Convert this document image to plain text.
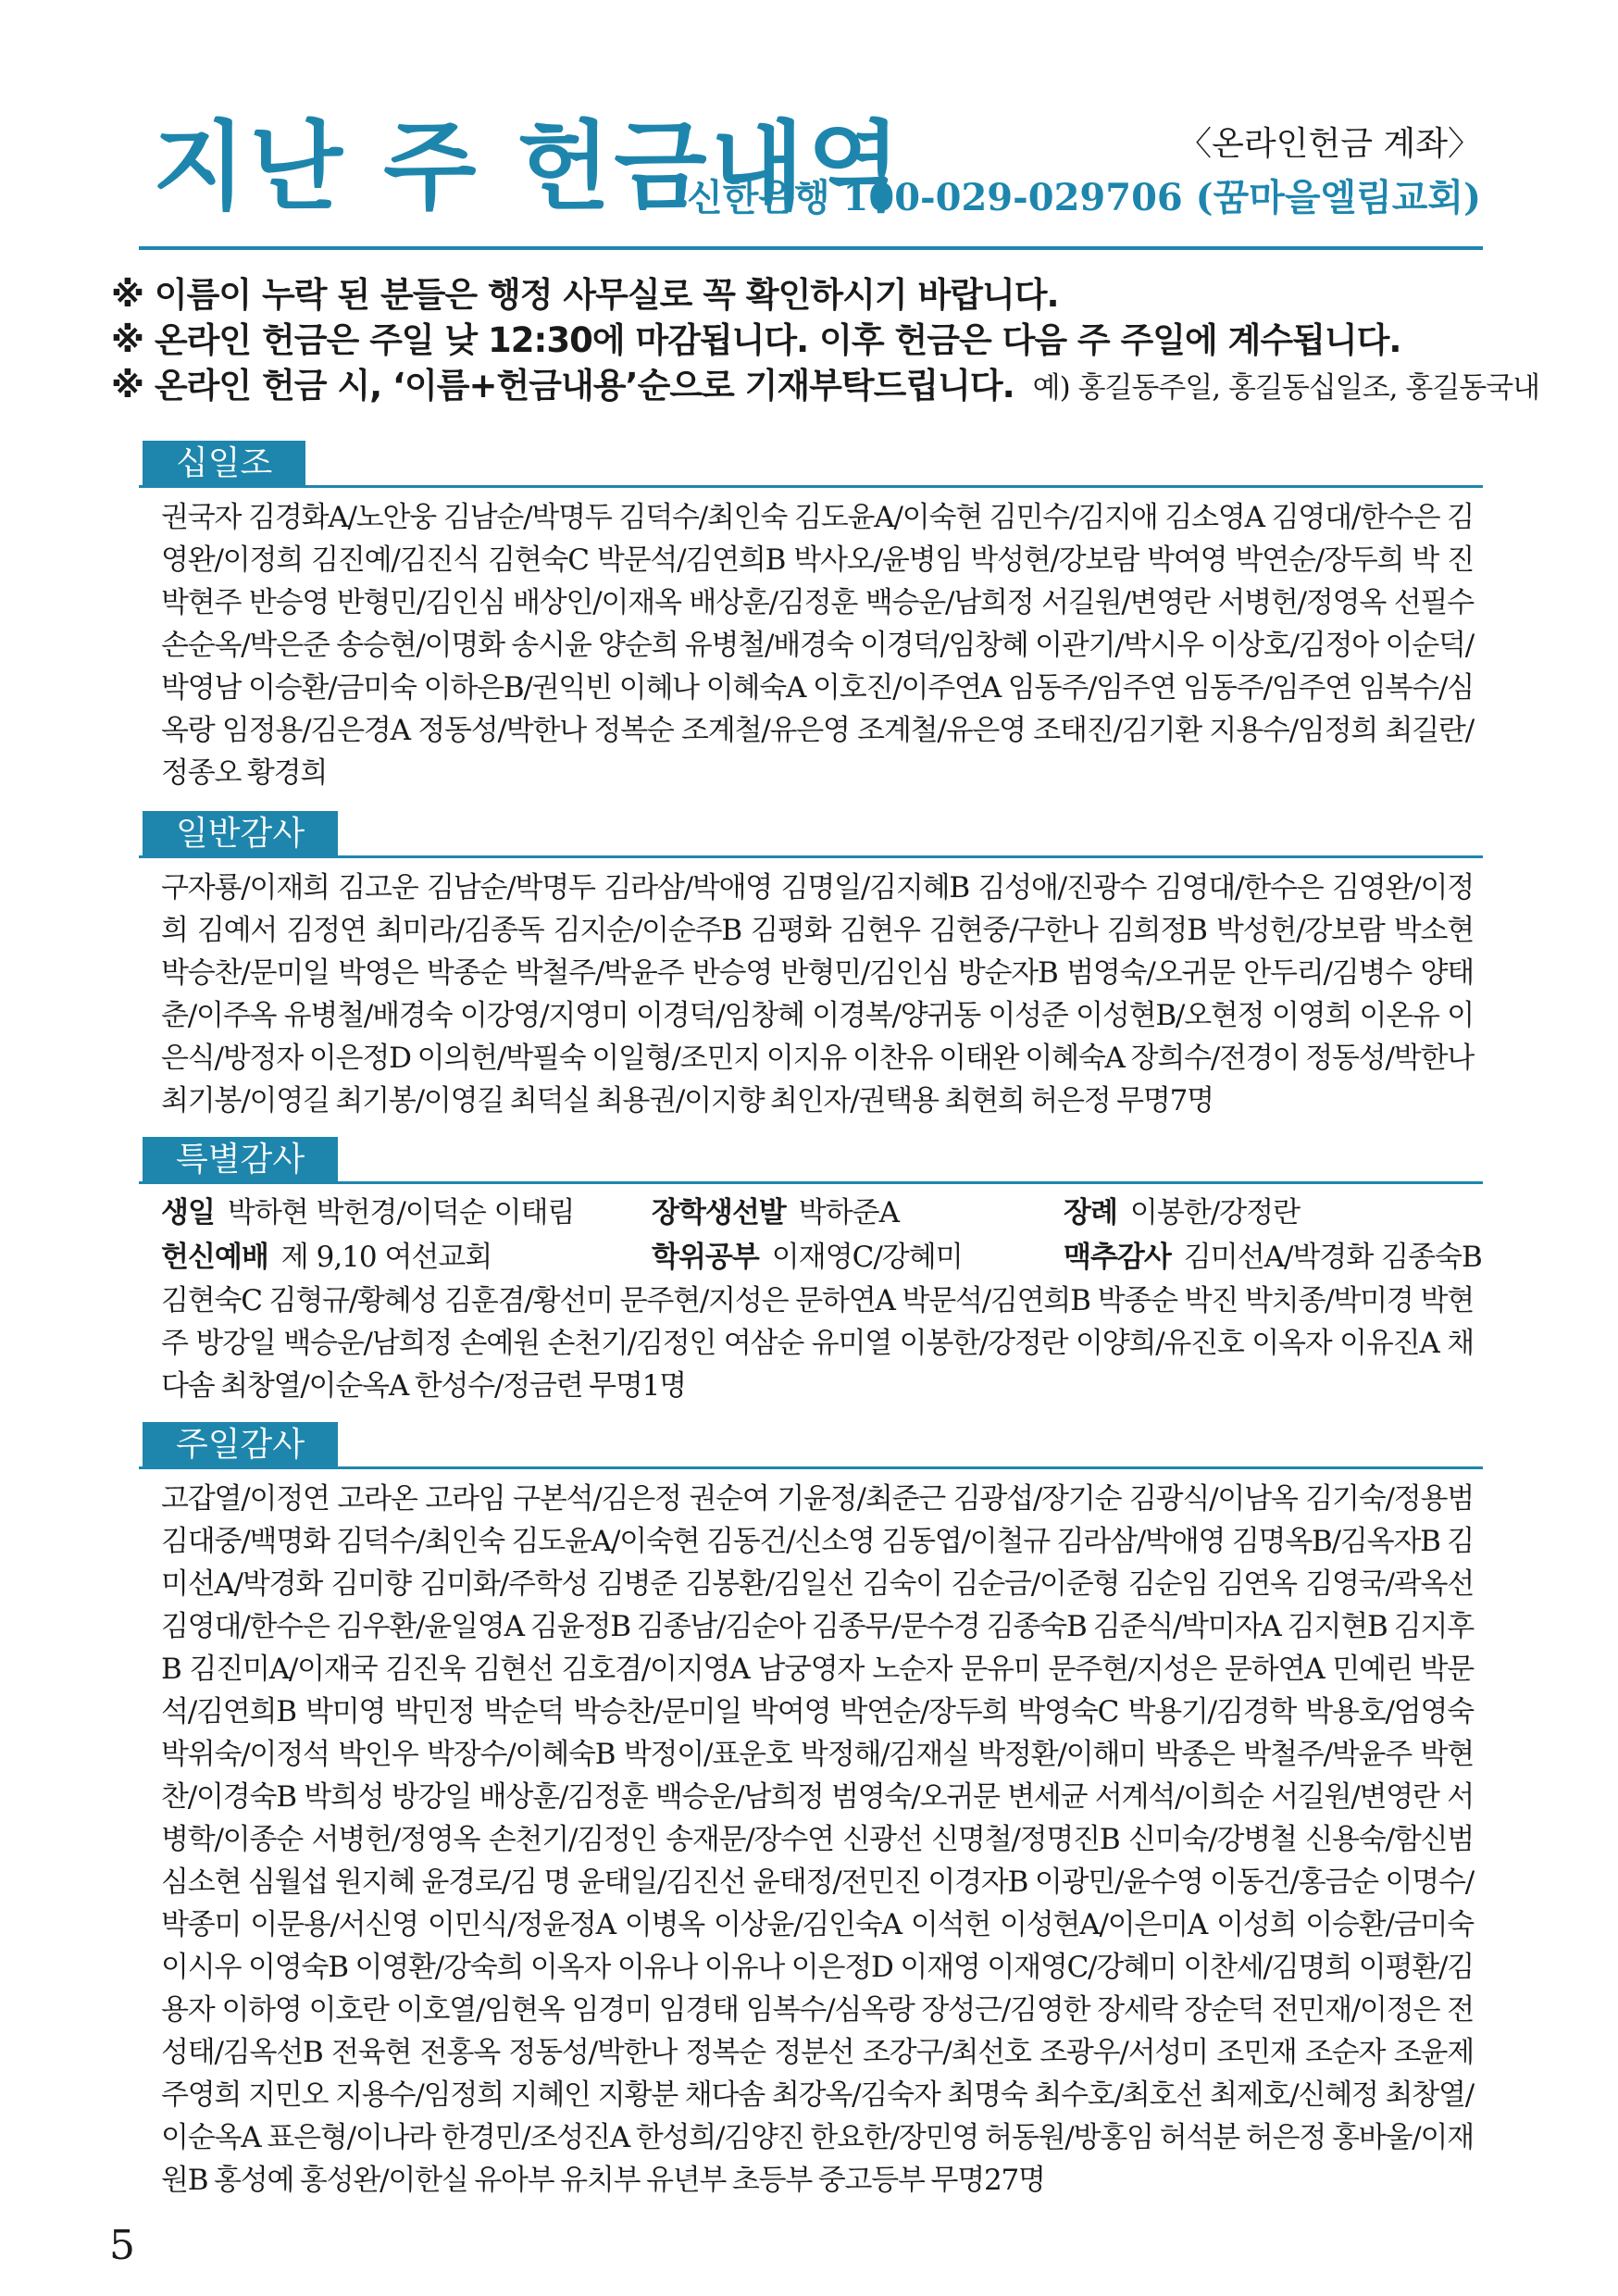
지난 주 헌금내역	〈온라인헌금 계좌〉
신한은행 100-029-029706 (꿈마을엘림교회)
※ 이름이 누락 된 분들은 행정 사무실로 꼭 확인하시기 바랍니다.
※ 온라인 헌금은 주일 낮 12:30에 마감됩니다. 이후 헌금은 다음 주 주일에 계수됩니다.
※ 온라인 헌금 시, ‘이름+헌금내용’순으로 기재부탁드립니다. 예) 홍길동주일, 홍길동십일조, 홍길동국내
십일조
권국자 김경화A/노안웅 김남순/박명두 김덕수/최인숙 김도윤A/이숙현 김민수/김지애 김소영A 김영대/한수은 김영완/이정희 김진예/김진식 김현숙C 박문석/김연희B 박사오/윤병임 박성현/강보람 박여영 박연순/장두희 박 진 박현주 반승영 반형민/김인심 배상인/이재옥 배상훈/김정훈 백승운/남희정 서길원/변영란 서병헌/정영옥 선필수 손순옥/박은준 송승현/이명화 송시윤 양순희 유병철/배경숙 이경덕/임창혜 이관기/박시우 이상호/김정아 이순덕/박영남 이승환/금미숙 이하은B/권익빈 이혜나 이혜숙A 이호진/이주연A 임동주/임주연 임동주/임주연 임복수/심옥랑 임정용/김은경A 정동성/박한나 정복순 조계철/유은영 조계철/유은영 조태진/김기환 지용수/임정희 최길란/정종오 황경희
일반감사
구자룡/이재희 김고운 김남순/박명두 김라삼/박애영 김명일/김지혜B 김성애/진광수 김영대/한수은 김영완/이정희 김예서 김정연 최미라/김종독 김지순/이순주B 김평화 김현우 김현중/구한나 김희정B 박성헌/강보람 박소현 박승찬/문미일 박영은 박종순 박철주/박윤주 반승영 반형민/김인심 방순자B 범영숙/오귀문 안두리/김병수 양태춘/이주옥 유병철/배경숙 이강영/지영미 이경덕/임창혜 이경복/양귀동 이성준 이성현B/오현정 이영희 이온유 이은식/방정자 이은정D 이의헌/박필숙 이일형/조민지 이지유 이찬유 이태완 이혜숙A 장희수/전경이 정동성/박한나 최기봉/이영길 최기봉/이영길 최덕실 최용권/이지향 최인자/권택용 최현희 허은정 무명7명
특별감사
생일 박하현 박헌경/이덕순 이태림	장학생선발 박하준A	장례 이봉한/강정란
헌신예배 제 9,10 여선교회	학위공부 이재영C/강혜미	맥추감사 김미선A/박경화 김종숙B
김현숙C 김형규/황혜성 김훈겸/황선미 문주현/지성은 문하연A 박문석/김연희B 박종순 박진 박치종/박미경 박현주 방강일 백승운/남희정 손예원 손천기/김정인 여삼순 유미열 이봉한/강정란 이양희/유진호 이옥자 이유진A 채다솜 최창열/이순옥A 한성수/정금련 무명1명
주일감사
고갑열/이정연 고라온 고라임 구본석/김은정 권순여 기윤정/최준근 김광섭/장기순 김광식/이남옥 김기숙/정용범 김대중/백명화 김덕수/최인숙 김도윤A/이숙현 김동건/신소영 김동엽/이철규 김라삼/박애영 김명옥B/김옥자B 김미선A/박경화 김미향 김미화/주학성 김병준 김봉환/김일선 김숙이 김순금/이준형 김순임 김연옥 김영국/곽옥선 김영대/한수은 김우환/윤일영A 김윤정B 김종남/김순아 김종무/문수경 김종숙B 김준식/박미자A 김지현B 김지후B 김진미A/이재국 김진욱 김현선 김호겸/이지영A 남궁영자 노순자 문유미 문주현/지성은 문하연A 민예린 박문석/김연희B 박미영 박민정 박순덕 박승찬/문미일 박여영 박연순/장두희 박영숙C 박용기/김경학 박용호/엄영숙 박위숙/이정석 박인우 박장수/이혜숙B 박정이/표운호 박정해/김재실 박정환/이해미 박종은 박철주/박윤주 박현찬/이경숙B 박희성 방강일 배상훈/김정훈 백승운/남희정 범영숙/오귀문 변세균 서계석/이희순 서길원/변영란 서병학/이종순 서병헌/정영옥 손천기/김정인 송재문/장수연 신광선 신명철/정명진B 신미숙/강병철 신용숙/함신범 심소현 심월섭 원지혜 윤경로/김 명 윤태일/김진선 윤태정/전민진 이경자B 이광민/윤수영 이동건/홍금순 이명수/박종미 이문용/서신영 이민식/정윤정A 이병옥 이상윤/김인숙A 이석헌 이성현A/이은미A 이성희 이승환/금미숙 이시우 이영숙B 이영환/강숙희 이옥자 이유나 이유나 이은정D 이재영 이재영C/강혜미 이찬세/김명희 이평환/김용자 이하영 이호란 이호열/임현옥 임경미 임경태 임복수/심옥랑 장성근/김영한 장세락 장순덕 전민재/이정은 전성태/김옥선B 전육현 전홍옥 정동성/박한나 정복순 정분선 조강구/최선호 조광우/서성미 조민재 조순자 조윤제 주영희 지민오 지용수/임정희 지혜인 지황분 채다솜 최강옥/김숙자 최명숙 최수호/최호선 최제호/신혜정 최창열/이순옥A 표은형/이나라 한경민/조성진A 한성희/김양진 한요한/장민영 허동원/방홍임 허석분 허은정 홍바울/이재원B 홍성예 홍성완/이한실 유아부 유치부 유년부 초등부 중고등부 무명27명
5
